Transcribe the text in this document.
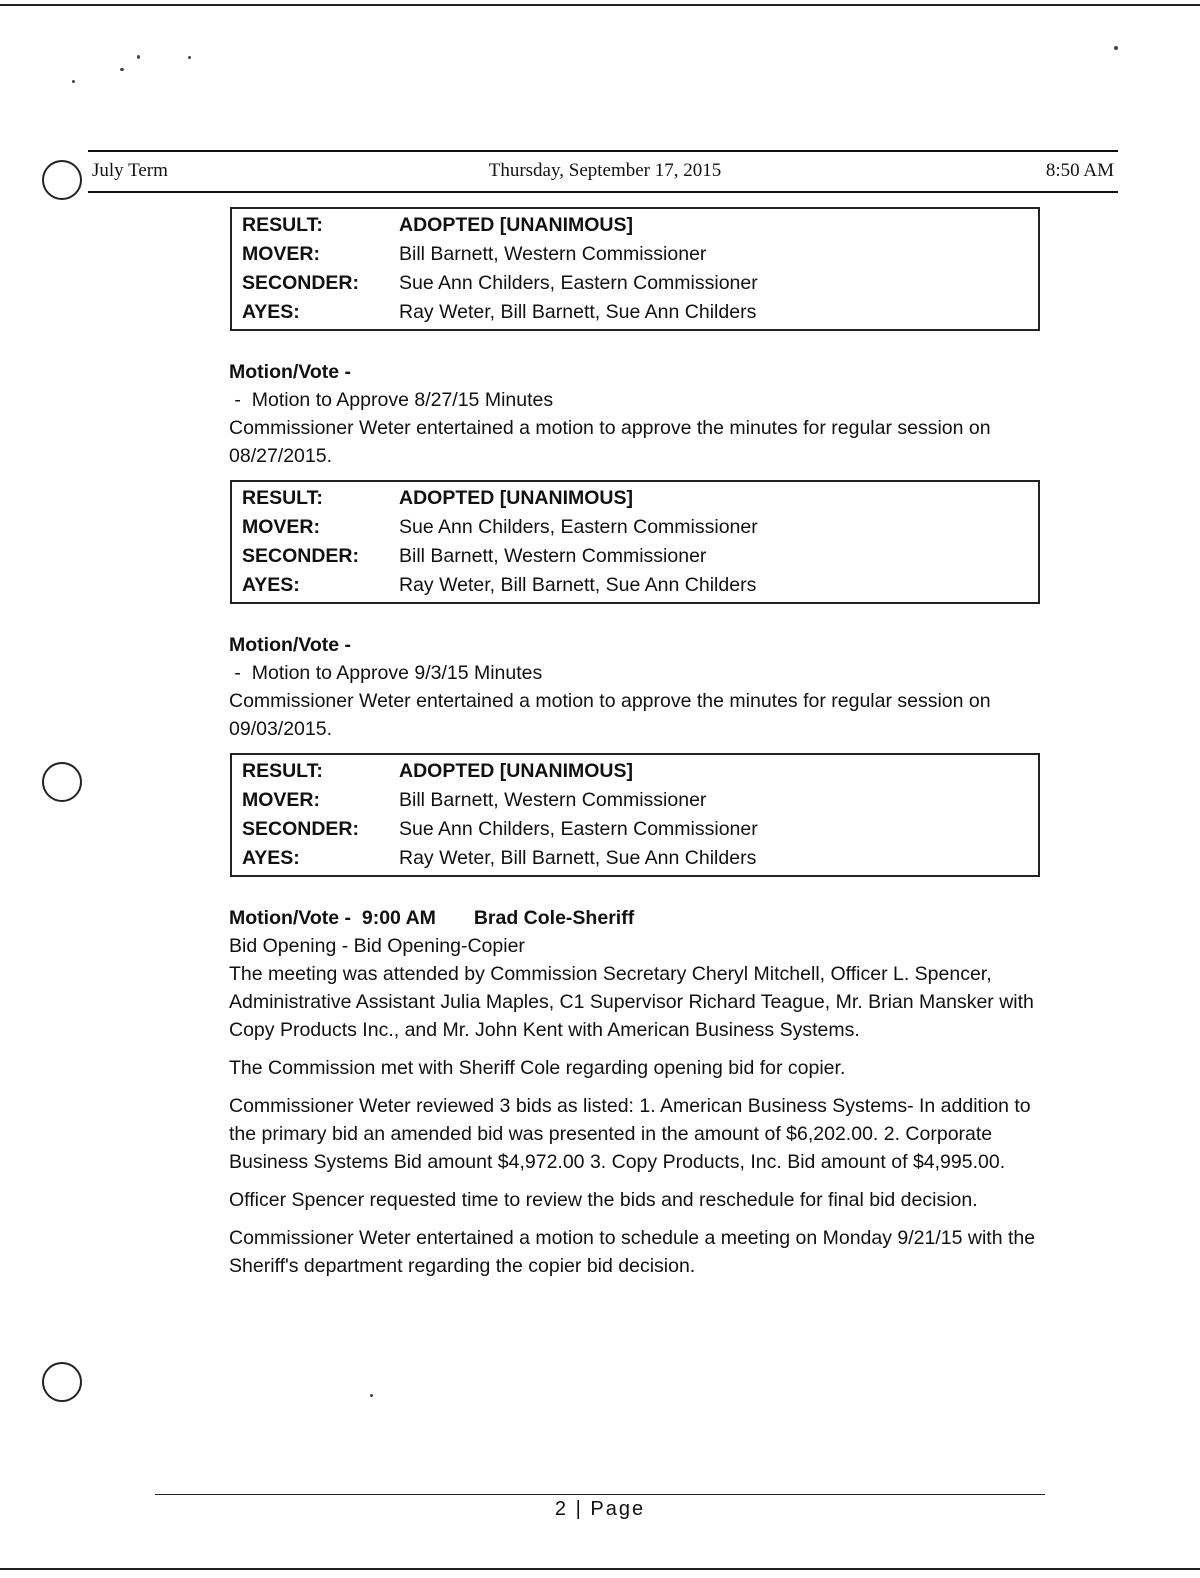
July Term	Thursday, September 17, 2015	8:50 AM
RESULT:	ADOPTED [UNANIMOUS]
MOVER:	Bill Barnett, Western Commissioner
SECONDER:	Sue Ann Childers, Eastern Commissioner
AYES:	Ray Weter, Bill Barnett, Sue Ann Childers
Motion/Vote -
-  Motion to Approve 8/27/15 Minutes

Commissioner Weter entertained a motion to approve the minutes for regular session on 08/27/2015.

RESULT:	ADOPTED [UNANIMOUS]
MOVER:	Sue Ann Childers, Eastern Commissioner
SECONDER:	Bill Barnett, Western Commissioner
AYES:	Ray Weter, Bill Barnett, Sue Ann Childers
Motion/Vote -
-  Motion to Approve 9/3/15 Minutes

Commissioner Weter entertained a motion to approve the minutes for regular session on 09/03/2015.

RESULT:	ADOPTED [UNANIMOUS]
MOVER:	Bill Barnett, Western Commissioner
SECONDER:	Sue Ann Childers, Eastern Commissioner
AYES:	Ray Weter, Bill Barnett, Sue Ann Childers
Motion/Vote -  9:00 AM       Brad Cole-Sheriff
Bid Opening - Bid Opening-Copier

The meeting was attended by Commission Secretary Cheryl Mitchell, Officer L. Spencer, Administrative Assistant Julia Maples, C1 Supervisor Richard Teague, Mr. Brian Mansker with Copy Products Inc., and Mr. John Kent with American Business Systems.

The Commission met with Sheriff Cole regarding opening bid for copier.

Commissioner Weter reviewed 3 bids as listed: 1. American Business Systems- In addition to the primary bid an amended bid was presented in the amount of $6,202.00. 2. Corporate Business Systems Bid amount $4,972.00 3. Copy Products, Inc. Bid amount of $4,995.00.

Officer Spencer requested time to review the bids and reschedule for final bid decision.

Commissioner Weter entertained a motion to schedule a meeting on Monday 9/21/15 with the Sheriff's department regarding the copier bid decision.

2 | Page
